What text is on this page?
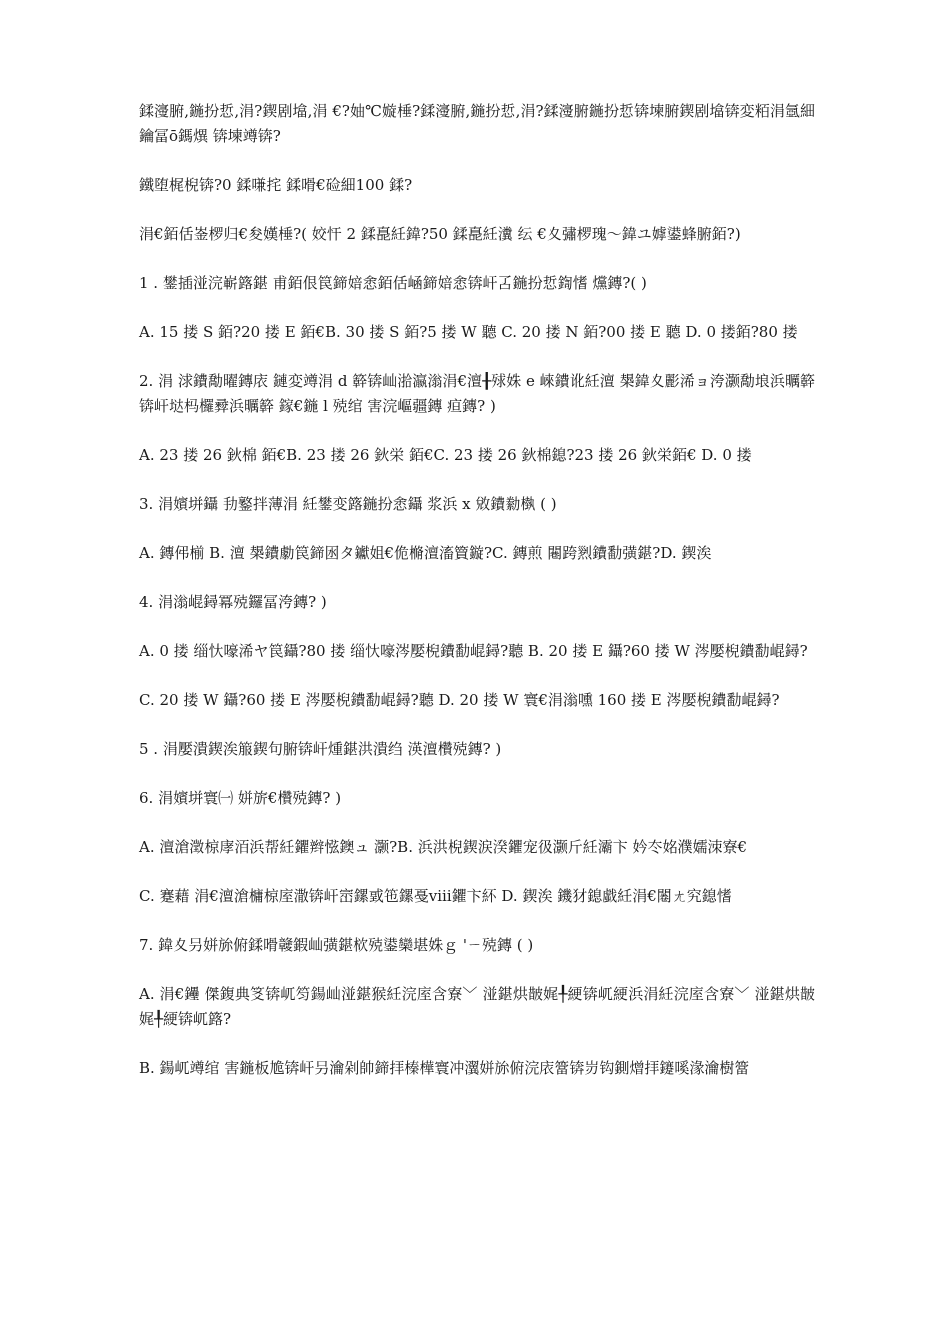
鍒濅腑,鍦扮悊,涓?鍥剧墖,涓 €?妯℃嫙棰?鍒濅腑,鍦扮悊,涓?鍒濅腑鍦扮悊锛堜腑鍥剧墖锛変粨涓氬細鑰冨ō鎷熼 锛堜竴锛?

鐵堕梶棿锛?0 鍒嗛挓 鍒嗗€硷細100 鍒?

涓€銆佸崟椤归€夋嫨棰?( 姣忓 2 鍒嗭紝鍏?50 鍒嗭紝瀵 纭 €夊彇椤瑰～鍏ユ嫭鍙蜂腑銆?)

1 . 鐢插湴浣嶄簬鍖 甫銆佷笢鍗婄悆銆佸崡鍗婄悆锛屽叾鍦扮悊鍧愭 爣鏄?( )

A. 15 搂 S 銆?20 搂 E 銆€B. 30 搂 S 銆?5 搂 W 聽 C. 20 搂 N 銆?00 搂 E 聽 D. 0 搂銆?80 搂

2. 涓 浗鐨勪曜鏄庡 鏈変竴涓 d 簳锛屾湁瀛滃涓€澶╂殏姝 e 崍鐨讹紝澶 槼鍏夊彲浠ョ洿灏勪埌浜曞簳锛屽垯杩欏彛浜曞簳 鎵€鍦 l 殑绾 害浣嶇疆鏄 疸鏄? )

A. 23 搂 26 鈥棉 銆€B. 23 搂 26 鈥栄 銆€C. 23 搂 26 鈥棉鎴?23 搂 26 鈥栄銆€ D. 0 搂

3. 涓嬪垪鑷 劧鐜拌薄涓 紝鐢变簬鍦扮悆鑷 浆浜 x 敓鐨勬槸 ( )

A. 鏄伄椾 B. 澶 槼鐨勮笢鍗囦タ钀姐€佹樇澶滀簤鏇?C. 鏄煎 闀跨煭鐨勫彉鍖?D. 鍥涘

4. 涓滃崐鐞冪殑鑼冨洿鏄? )

A. 0 搂 缁忕嚎浠ヤ笢鑷?80 搂 缁忕嚎涔嬮棿鐨勫崐鐞?聽 B. 20 搂 E 鑷?60 搂 W 涔嬮棿鐨勫崐鐞?

C. 20 搂 W 鑷?60 搂 E 涔嬮棿鐨勫崐鐞?聽 D. 20 搂 W 寰€涓滃嚑 160 搂 E 涔嬮棿鐨勫崐鐞?

5 . 涓嬮潰鍥涘箙鍥句腑锛屽煄鍖洪潰绉 渶澶欑殑鏄? )

6. 涓嬪垪寰㈠ 姘旂€欑殑鏄? )

A. 澶滄澂椋庨洦浜帮紝鑺辫惤鐭ュ 灏?B. 浜洪棿鍥涙湀鑺宠彶灏斤紝灞卞 妗冭姳濮嬬洓寮€

C. 蹇藉 涓€澶滄槦椋庢潵锛屽崈鏍戜竾鏍戞ⅷ鑺卞紑 D. 鍥涘 鐖犲鎴戱紝涓€闂ㄤ究鎴愭

7. 鍏夊叧姘旀俯鍒嗗竷鍜屾彉鍖栨殑鍙欒堪姝ｇ 'ㄧ殑鏄 ( )

A. 涓€鑸 傑鍑典笅锛屼笉鍚屾湴鍖猴紝浣庢含寮﹀ 湴鍖烘皵娓╀綆锛屼綆浜涓紝浣庢含寮﹀ 湴鍖烘皵娓╀綆锛屼簬?

B. 鍚屼竴绾 害鍦板尯锛屽叧瀹剁帥鍗拝榛樺寰冲瀷姘旀俯浣庡簹锛岃钩鍘熷拝鑳嗘湪瀹樹簹
